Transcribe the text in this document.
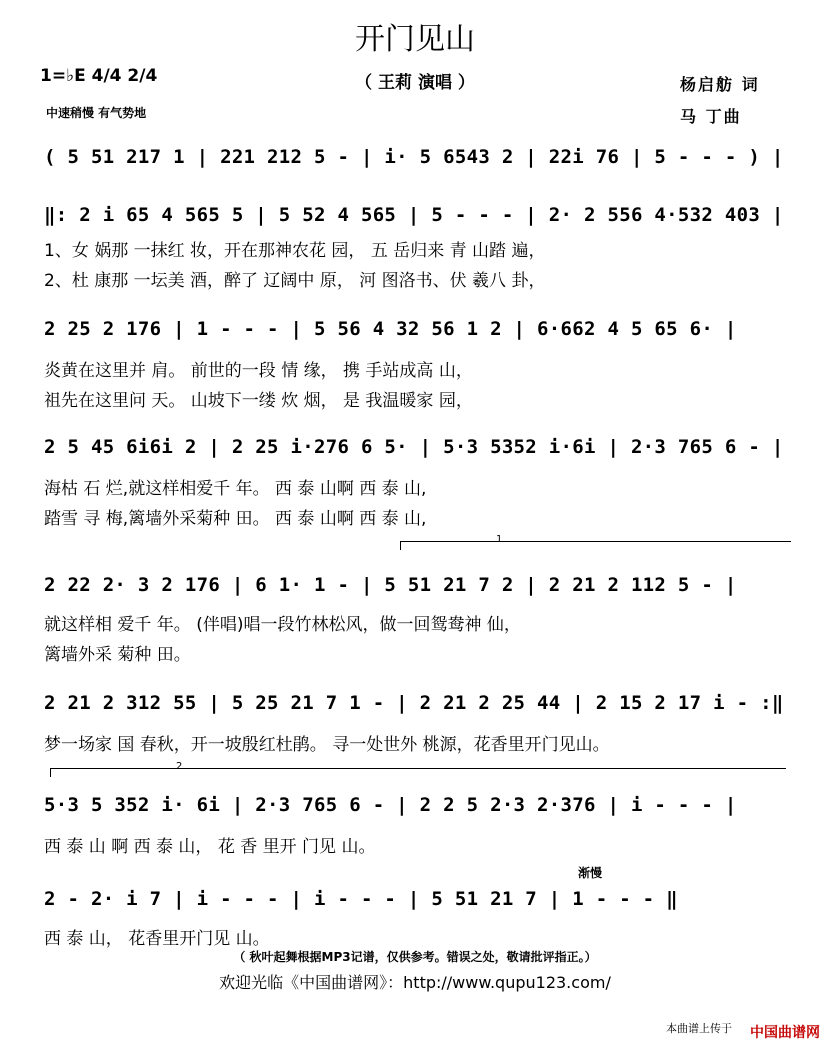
开门见山
（ 王莉 演唱 ）
1=♭E 4/4 2/4
中速稍慢 有气势地
杨启舫 词
马 丁曲
( 5 51 217 1 | 221 212 5 - | i· 5 6543 2 | 22i 76 | 5 - - - ) |
‖: 2 i 65 4 565 5 | 5 52 4 565 | 5 - - - | 2· 2 556 4·532 403 |
1、女 娲那 一抹红 妆，开在那神农花 园， 五 岳归来 青 山踏 遍，
2、杜 康那 一坛美 酒，醉了 辽阔中 原， 河 图洛书、伏 羲八 卦，
2 25 2 176 | 1 - - - | 5 56 4 32 56 1 2 | 6·662 4 5 65 6· |
炎黄在这里并 肩。 前世的一段 情 缘， 携 手站成高 山，
祖先在这里问 天。 山坡下一缕 炊 烟， 是 我温暖家 园，
2 5 45 6i6i 2 | 2 25 i·276 6 5· | 5·3 5352 i·6i | 2·3 765 6 - |
海枯 石 烂,就这样相爱千 年。 西 泰 山啊 西 泰 山,
踏雪 寻 梅,篱墙外采菊种 田。 西 泰 山啊 西 泰 山,
1
2 22 2· 3 2 176 | 6 1· 1 - | 5 51 21 7 2 | 2 21 2 112 5 - |
就这样相 爱千 年。 (伴唱)唱一段竹林松风，做一回鸳鸯神 仙，
篱墙外采 菊种 田。
2 21 2 312 55 | 5 25 21 7 1 - | 2 21 2 25 44 | 2 15 2 17 i - :‖
梦一场家 国 春秋，开一坡殷红杜鹃。 寻一处世外 桃源，花香里开门见山。
2
5·3 5 352 i· 6i | 2·3 765 6 - | 2 2 5 2·3 2·376 | i - - - |
西 泰 山 啊 西 泰 山， 花 香 里开 门见 山。
渐慢
2 - 2· i 7 | i - - - | i - - - | 5 51 21 7 | 1 - - - ‖
西 泰 山， 花香里开门见 山。
（ 秋叶起舞根据MP3记谱，仅供参考。错误之处，敬请批评指正。）
欢迎光临《中国曲谱网》：http://www.qupu123.com/
本曲谱上传于 中国曲谱网
